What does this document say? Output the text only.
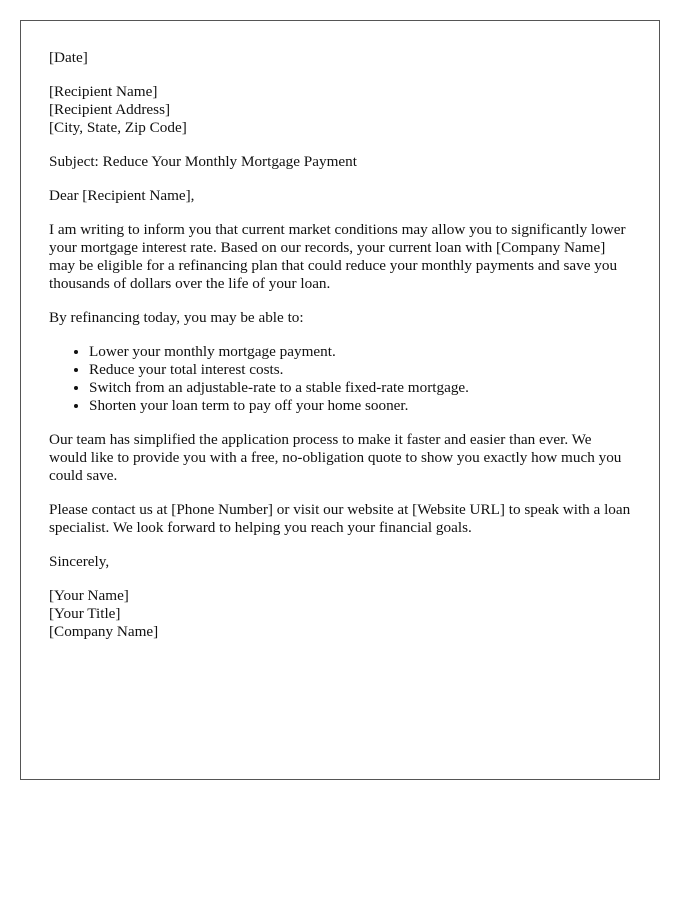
[Date]
[Recipient Name]
[Recipient Address]
[City, State, Zip Code]

Subject: Reduce Your Monthly Mortgage Payment

Dear [Recipient Name],

I am writing to inform you that current market conditions may allow you to significantly lower your mortgage interest rate. Based on our records, your current loan with [Company Name] may be eligible for a refinancing plan that could reduce your monthly payments and save you thousands of dollars over the life of your loan.

By refinancing today, you may be able to:

• Lower your monthly mortgage payment.
• Reduce your total interest costs.
• Switch from an adjustable-rate to a stable fixed-rate mortgage.
• Shorten your loan term to pay off your home sooner.

Our team has simplified the application process to make it faster and easier than ever. We would like to provide you with a free, no-obligation quote to show you exactly how much you could save.

Please contact us at [Phone Number] or visit our website at [Website URL] to speak with a loan specialist. We look forward to helping you reach your financial goals.

Sincerely,

[Your Name]
[Your Title]
[Company Name]
